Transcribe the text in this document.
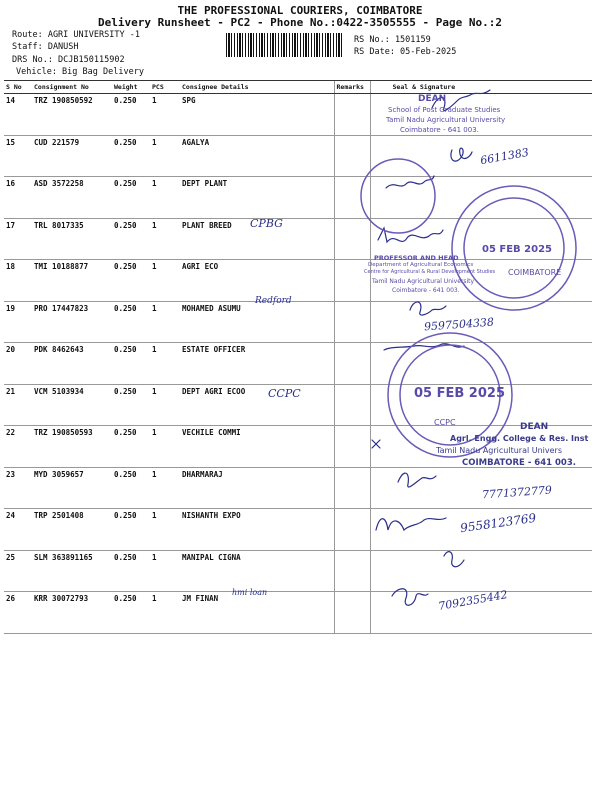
THE PROFESSIONAL COURIERS, COIMBATORE
Delivery Runsheet - PC2 - Phone No.:0422-3505555 - Page No.:2
Route: AGRI UNIVERSITY -1
Staff: DANUSH
DRS No.: DCJB150115902
Vehicle: Big Bag Delivery
RS No.: 1501159
RS Date: 05-Feb-2025
S No	Consignment No	Weight	PCS	Consignee Details	Remarks	Seal & Signature
14	TRZ 190850592	0.250	1	SPG		
15	CUD 221579	0.250	1	AGALYA		
16	ASD 3572258	0.250	1	DEPT PLANT		
17	TRL 8017335	0.250	1	PLANT BREED		
18	TMI 10188877	0.250	1	AGRI ECO		
19	PRO 17447823	0.250	1	MOHAMED ASUMU		
20	PDK 8462643	0.250	1	ESTATE OFFICER		
21	VCM 5103934	0.250	1	DEPT AGRI ECOO		
22	TRZ 190850593	0.250	1	VECHILE COMMI		
23	MYD 3059657	0.250	1	DHARMARAJ		
24	TRP 2501408	0.250	1	NISHANTH EXPO		
25	SLM 363891165	0.250	1	MANIPAL CIGNA		
26	KRR 30072793	0.250	1	JM FINAN		
CPBG
Redford
CCPC
hmi loan
6611383
9597504338
7771372779
9558123769
7092355442
DEAN
School of Post Graduate Studies
Tamil Nadu Agricultural University
Coimbatore - 641 003.
05 FEB 2025
PROFESSOR AND HEAD
Department of Agricultural Economics
Centre for Agricultural & Rural Development Studies
Tamil Nadu Agricultural University
Coimbatore - 641 003.
COIMBATORE
05 FEB 2025
CCPC	DEAN
Agrl. Engg. College & Res. Inst
Tamil Nadu Agricultural Univers
COIMBATORE - 641 003.
